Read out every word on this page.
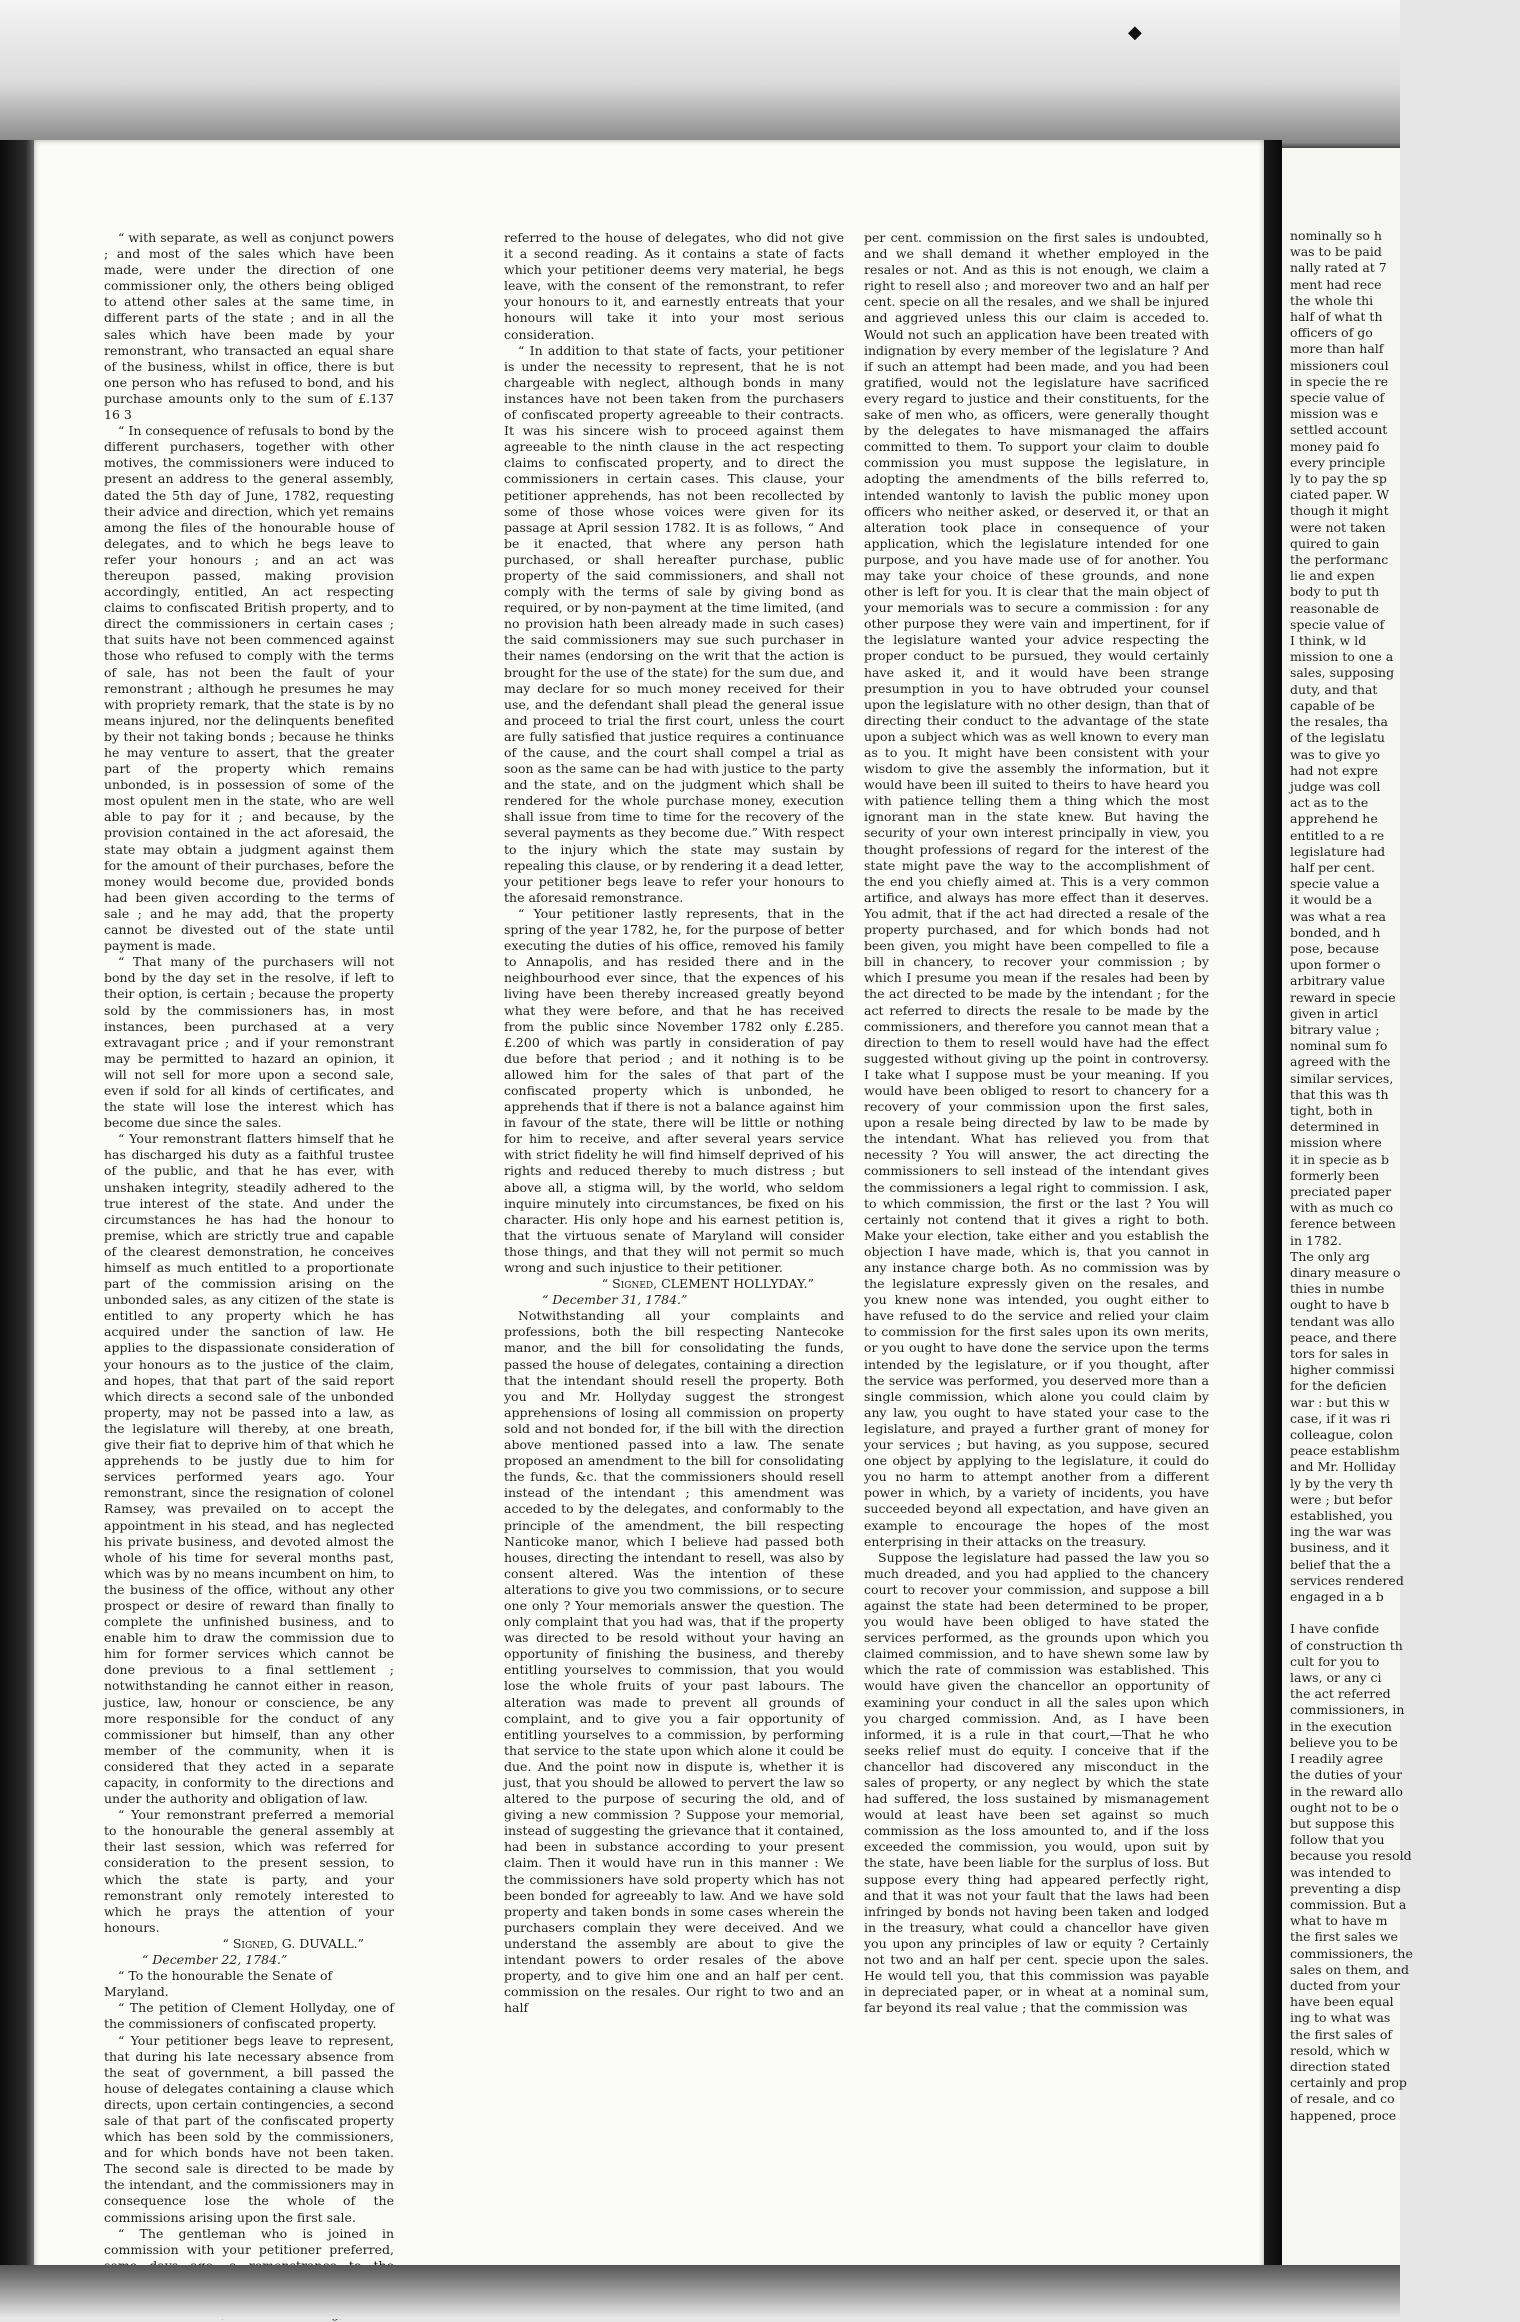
◆

“ with separate, as well as conjunct powers ; and most of the sales which have been made, were under the direction of one commissioner only, the others being obliged to attend other sales at the same time, in different parts of the state ; and in all the sales which have been made by your remonstrant, who transacted an equal share of the business, whilst in office, there is but one person who has refused to bond, and his purchase amounts only to the sum of £.137 16 3

“ In consequence of refusals to bond by the different purchasers, together with other motives, the commissioners were induced to present an address to the general assembly, dated the 5th day of June, 1782, requesting their advice and direction, which yet remains among the files of the honourable house of delegates, and to which he begs leave to refer your honours ; and an act was thereupon passed, making provision accordingly, entitled, An act respecting claims to confiscated British property, and to direct the commissioners in certain cases ; that suits have not been commenced against those who refused to comply with the terms of sale, has not been the fault of your remonstrant ; although he presumes he may with propriety remark, that the state is by no means injured, nor the delinquents benefited by their not taking bonds ; because he thinks he may venture to assert, that the greater part of the property which remains unbonded, is in possession of some of the most opulent men in the state, who are well able to pay for it ; and because, by the provision contained in the act aforesaid, the state may obtain a judgment against them for the amount of their purchases, before the money would become due, provided bonds had been given according to the terms of sale ; and he may add, that the property cannot be divested out of the state until payment is made.

“ That many of the purchasers will not bond by the day set in the resolve, if left to their option, is certain ; because the property sold by the commissioners has, in most instances, been purchased at a very extravagant price ; and if your remonstrant may be permitted to hazard an opinion, it will not sell for more upon a second sale, even if sold for all kinds of certificates, and the state will lose the interest which has become due since the sales.

“ Your remonstrant flatters himself that he has discharged his duty as a faithful trustee of the public, and that he has ever, with unshaken integrity, steadily adhered to the true interest of the state. And under the circumstances he has had the honour to premise, which are strictly true and capable of the clearest demonstration, he conceives himself as much entitled to a proportionate part of the commission arising on the unbonded sales, as any citizen of the state is entitled to any property which he has acquired under the sanction of law. He applies to the dispassionate consideration of your honours as to the justice of the claim, and hopes, that that part of the said report which directs a second sale of the unbonded property, may not be passed into a law, as the legislature will thereby, at one breath, give their fiat to deprive him of that which he apprehends to be justly due to him for services performed years ago. Your remonstrant, since the resignation of colonel Ramsey, was prevailed on to accept the appointment in his stead, and has neglected his private business, and devoted almost the whole of his time for several months past, which was by no means incumbent on him, to the business of the office, without any other prospect or desire of reward than finally to complete the unfinished business, and to enable him to draw the commission due to him for former services which cannot be done previous to a final settlement ; notwithstanding he cannot either in reason, justice, law, honour or conscience, be any more responsible for the conduct of any commissioner but himself, than any other member of the community, when it is considered that they acted in a separate capacity, in conformity to the directions and under the authority and obligation of law.

“ Your remonstrant preferred a memorial to the honourable the general assembly at their last session, which was referred for consideration to the present session, to which the state is party, and your remonstrant only remotely interested to which he prays the attention of your honours.

“ Signed, G. DUVALL.”

“ December 22, 1784.”

“ To the honourable the Senate of Maryland.

“ The petition of Clement Hollyday, one of the commissioners of confiscated property.

“ Your petitioner begs leave to represent, that during his late necessary absence from the seat of government, a bill passed the house of delegates containing a clause which directs, upon certain contingencies, a second sale of that part of the confiscated property which has been sold by the commissioners, and for which bonds have not been taken. The second sale is directed to be made by the intendant, and the commissioners may in consequence lose the whole of the commissions arising upon the first sale.

“ The gentleman who is joined in commission with your petitioner preferred,

referred to the house of delegates, who did not give it a second reading. As it contains a state of facts which your petitioner deems very material, he begs leave, with the consent of the remonstrant, to refer your honours to it, and earnestly entreats that your honours will take it into your most serious consideration.

“ In addition to that state of facts, your petitioner is under the necessity to represent, that he is not chargeable with neglect, although bonds in many instances have not been taken from the purchasers of confiscated property agreeable to their contracts. It was his sincere wish to proceed against them agreeable to the ninth clause in the act respecting claims to confiscated property, and to direct the commissioners in certain cases. This clause, your petitioner apprehends, has not been recollected by some of those whose voices were given for its passage at April session 1782. It is as follows, “ And be it enacted, that where any person hath purchased, or shall hereafter purchase, public property of the said commissioners, and shall not comply with the terms of sale by giving bond as required, or by non-payment at the time limited, (and no provision hath been already made in such cases) the said commissioners may sue such purchaser in their names (endorsing on the writ that the action is brought for the use of the state) for the sum due, and may declare for so much money received for their use, and the defendant shall plead the general issue and proceed to trial the first court, unless the court are fully satisfied that justice requires a continuance of the cause, and the court shall compel a trial as soon as the same can be had with justice to the party and the state, and on the judgment which shall be rendered for the whole purchase money, execution shall issue from time to time for the recovery of the several payments as they become due.” With respect to the injury which the state may sustain by repealing this clause, or by rendering it a dead letter, your petitioner begs leave to refer your honours to the aforesaid remonstrance.

“ Your petitioner lastly represents, that in the spring of the year 1782, he, for the purpose of better executing the duties of his office, removed his family to Annapolis, and has resided there and in the neighbourhood ever since, that the expences of his living have been thereby increased greatly beyond what they were before, and that he has received from the public since November 1782 only £.285. £.200 of which was partly in consideration of pay due before that period ; and it nothing is to be allowed him for the sales of that part of the confiscated property which is unbonded, he apprehends that if there is not a balance against him in favour of the state, there will be little or nothing for him to receive, and after several years service with strict fidelity he will find himself deprived of his rights and reduced thereby to much distress ; but above all, a stigma will, by the world, who seldom inquire minutely into circumstances, be fixed on his character. His only hope and his earnest petition is, that the virtuous senate of Maryland will consider those things, and that they will not permit so much wrong and such injustice to their petitioner.

“ Signed, CLEMENT HOLLYDAY.”

“ December 31, 1784.”

Notwithstanding all your complaints and professions, both the bill respecting Nantecoke manor, and the bill for consolidating the funds, passed the house of delegates, containing a direction that the intendant should resell the property. Both you and Mr. Hollyday suggest the strongest apprehensions of losing all commission on property sold and not bonded for, if the bill with the direction above mentioned passed into a law. The senate proposed an amendment to the bill for consolidating the funds, &c. that the commissioners should resell instead of the intendant ; this amendment was acceded to by the delegates, and conformably to the principle of the amendment, the bill respecting Nanticoke manor, which I believe had passed both houses, directing the intendant to resell, was also by consent altered. Was the intention of these alterations to give you two commissions, or to secure one only ? Your memorials answer the question. The only complaint that you had was, that if the property was directed to be resold without your having an opportunity of finishing the business, and thereby entitling yourselves to commission, that you would lose the whole fruits of your past labours. The alteration was made to prevent all grounds of complaint, and to give you a fair opportunity of entitling yourselves to a commission, by performing that service to the state upon which alone it could be due. And the point now in dispute is, whether it is just, that you should be allowed to pervert the law so altered to the purpose of securing the old, and of giving a new commission ? Suppose your memorial, instead of suggesting the grievance that it contained, had been in substance according to your present claim. Then it would have run in this manner : We the commissioners have sold property which has not been bonded for agreeably to law. And we have sold property and taken bonds in some cases wherein the purchasers complain they were deceived. And we understand the assembly are about to give the intendant powers to order resales of the above property, and to give him one and an half per cent. commission on the resales. Our right to two and an half

per cent. commission on the first sales is undoubted, and we shall demand it whether employed in the resales or not. And as this is not enough, we claim a right to resell also ; and moreover two and an half per cent. specie on all the resales, and we shall be injured and aggrieved unless this our claim is acceded to. Would not such an application have been treated with indignation by every member of the legislature ? And if such an attempt had been made, and you had been gratified, would not the legislature have sacrificed every regard to justice and their constituents, for the sake of men who, as officers, were generally thought by the delegates to have mismanaged the affairs committed to them. To support your claim to double commission you must suppose the legislature, in adopting the amendments of the bills referred to, intended wantonly to lavish the public money upon officers who neither asked, or deserved it, or that an alteration took place in consequence of your application, which the legislature intended for one purpose, and you have made use of for another. You may take your choice of these grounds, and none other is left for you. It is clear that the main object of your memorials was to secure a commission : for any other purpose they were vain and impertinent, for if the legislature wanted your advice respecting the proper conduct to be pursued, they would certainly have asked it, and it would have been strange presumption in you to have obtruded your counsel upon the legislature with no other design, than that of directing their conduct to the advantage of the state upon a subject which was as well known to every man as to you. It might have been consistent with your wisdom to give the assembly the information, but it would have been ill suited to theirs to have heard you with patience telling them a thing which the most ignorant man in the state knew. But having the security of your own interest principally in view, you thought professions of regard for the interest of the state might pave the way to the accomplishment of the end you chiefly aimed at. This is a very common artifice, and always has more effect than it deserves. You admit, that if the act had directed a resale of the property purchased, and for which bonds had not been given, you might have been compelled to file a bill in chancery, to recover your commission ; by which I presume you mean if the resales had been by the act directed to be made by the intendant ; for the act referred to directs the resale to be made by the commissioners, and therefore you cannot mean that a direction to them to resell would have had the effect suggested without giving up the point in controversy. I take what I suppose must be your meaning. If you would have been obliged to resort to chancery for a recovery of your commission upon the first sales, upon a resale being directed by law to be made by the intendant. What has relieved you from that necessity ? You will answer, the act directing the commissioners to sell instead of the intendant gives the commissioners a legal right to commission. I ask, to which commission, the first or the last ? You will certainly not contend that it gives a right to both. Make your election, take either and you establish the objection I have made, which is, that you cannot in any instance charge both. As no commission was by the legislature expressly given on the resales, and you knew none was intended, you ought either to have refused to do the service and relied your claim to commission for the first sales upon its own merits, or you ought to have done the service upon the terms intended by the legislature, or if you thought, after the service was performed, you deserved more than a single commission, which alone you could claim by any law, you ought to have stated your case to the legislature, and prayed a further grant of money for your services ; but having, as you suppose, secured one object by applying to the legislature, it could do you no harm to attempt another from a different power in which, by a variety of incidents, you have succeeded beyond all expectation, and have given an example to encourage the hopes of the most enterprising in their attacks on the treasury.

Suppose the legislature had passed the law you so much dreaded, and you had applied to the chancery court to recover your commission, and suppose a bill against the state had been determined to be proper, you would have been obliged to have stated the services performed, as the grounds upon which you claimed commission, and to have shewn some law by which the rate of commission was established. This would have given the chancellor an opportunity of examining your conduct in all the sales upon which you charged commission. And, as I have been informed, it is a rule in that court,—That he who seeks relief must do equity. I conceive that if the chancellor had discovered any misconduct in the sales of property, or any neglect by which the state had suffered, the loss sustained by mismanagement would at least have been set against so much commission as the loss amounted to, and if the loss exceeded the commission, you would, upon suit by the state, have been liable for the surplus of loss. But suppose every thing had appeared perfectly right, and that it was not your fault that the laws had been infringed by bonds not having been taken and lodged in the treasury, what could a chancellor have given you upon any principles of law or equity ? Certainly not two and an half per cent. specie upon the sales. He would tell you, that this commission was payable in depreciated paper, or in wheat at a nominal sum, far beyond its real value ; that the commission was

nominally so h
was to be paid
nally rated at 7
ment had rece
the whole thi
half of what th
officers of go
more than half
missioners coul
in specie the re
specie value of
mission was e
settled account
money paid fo
every principle
ly to pay the sp
ciated paper. W
though it might
were not taken
quired to gain
the performanc
lie and expen
body to put th
reasonable de
specie value of
I think, w ld
mission to one a
sales, supposing
duty, and that
capable of be
the resales, tha
of the legislatu
was to give yo
had not expre
judge was coll
act as to the
apprehend he
entitled to a re
legislature had
half per cent.
specie value a
it would be a
was what a rea
bonded, and h
pose, because
upon former o
arbitrary value
reward in specie
given in articl
bitrary value ;
nominal sum fo
agreed with the
similar services,
that this was th
tight, both in
determined in
mission where
it in specie as b
formerly been
preciated paper
with as much co
ference between
in 1782.
The only arg
dinary measure o
thies in numbe
ought to have b
tendant was allo
peace, and there
tors for sales in
higher commissi
for the deficien
war : but this w
case, if it was ri
colleague, colon
peace establishm
and Mr. Holliday
ly by the very th
were ; but befor
established, you
ing the war was
business, and it
belief that the a
services rendered
engaged in a b

I have confide
of construction th
cult for you to
laws, or any ci
the act referred
commissioners, in
in the execution
believe you to be
I readily agree
the duties of your
in the reward allo
ought not to be o
but suppose this
follow that you
because you resold
was intended to
preventing a disp
commission. But a
what to have m
the first sales we
commissioners, the
sales on them, and
ducted from your
have been equal
ing to what was
the first sales of
resold, which w
direction stated
certainly and prop
of resale, and co
happened, proce
